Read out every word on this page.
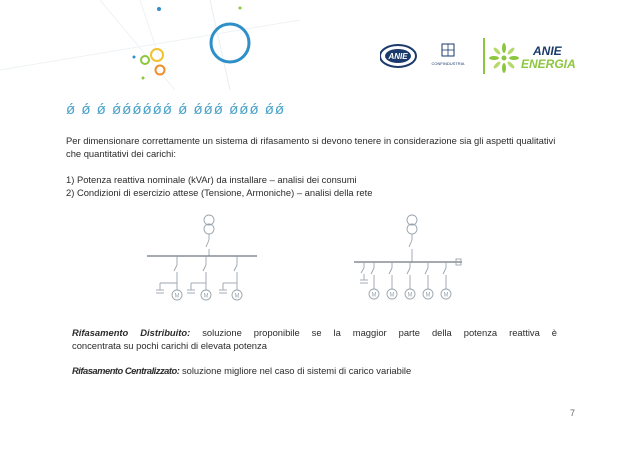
ANIE
CONFINDUSTRIA
ANIE
ENERGIA
ǿ ǿ ǿ ǿǿǿǿǿǿ ǿ ǿǿǿ ǿǿǿ ǿǿ
Per dimensionare correttamente un sistema di rifasamento si devono tenere in considerazione sia gli aspetti qualitativi che quantitativi dei carichi:
1) Potenza reattiva nominale (kVAr) da installare – analisi dei consumi
2) Condizioni di esercizio attese (Tensione, Armoniche) – analisi della rete
M	M	M	M M M M M
Rifasamento Distribuito: soluzione proponibile se la maggior parte della potenza reattiva è
concentrata su pochi carichi di elevata potenza
Rifasamento Centralizzato: soluzione migliore nel caso di sistemi di carico variabile
7
